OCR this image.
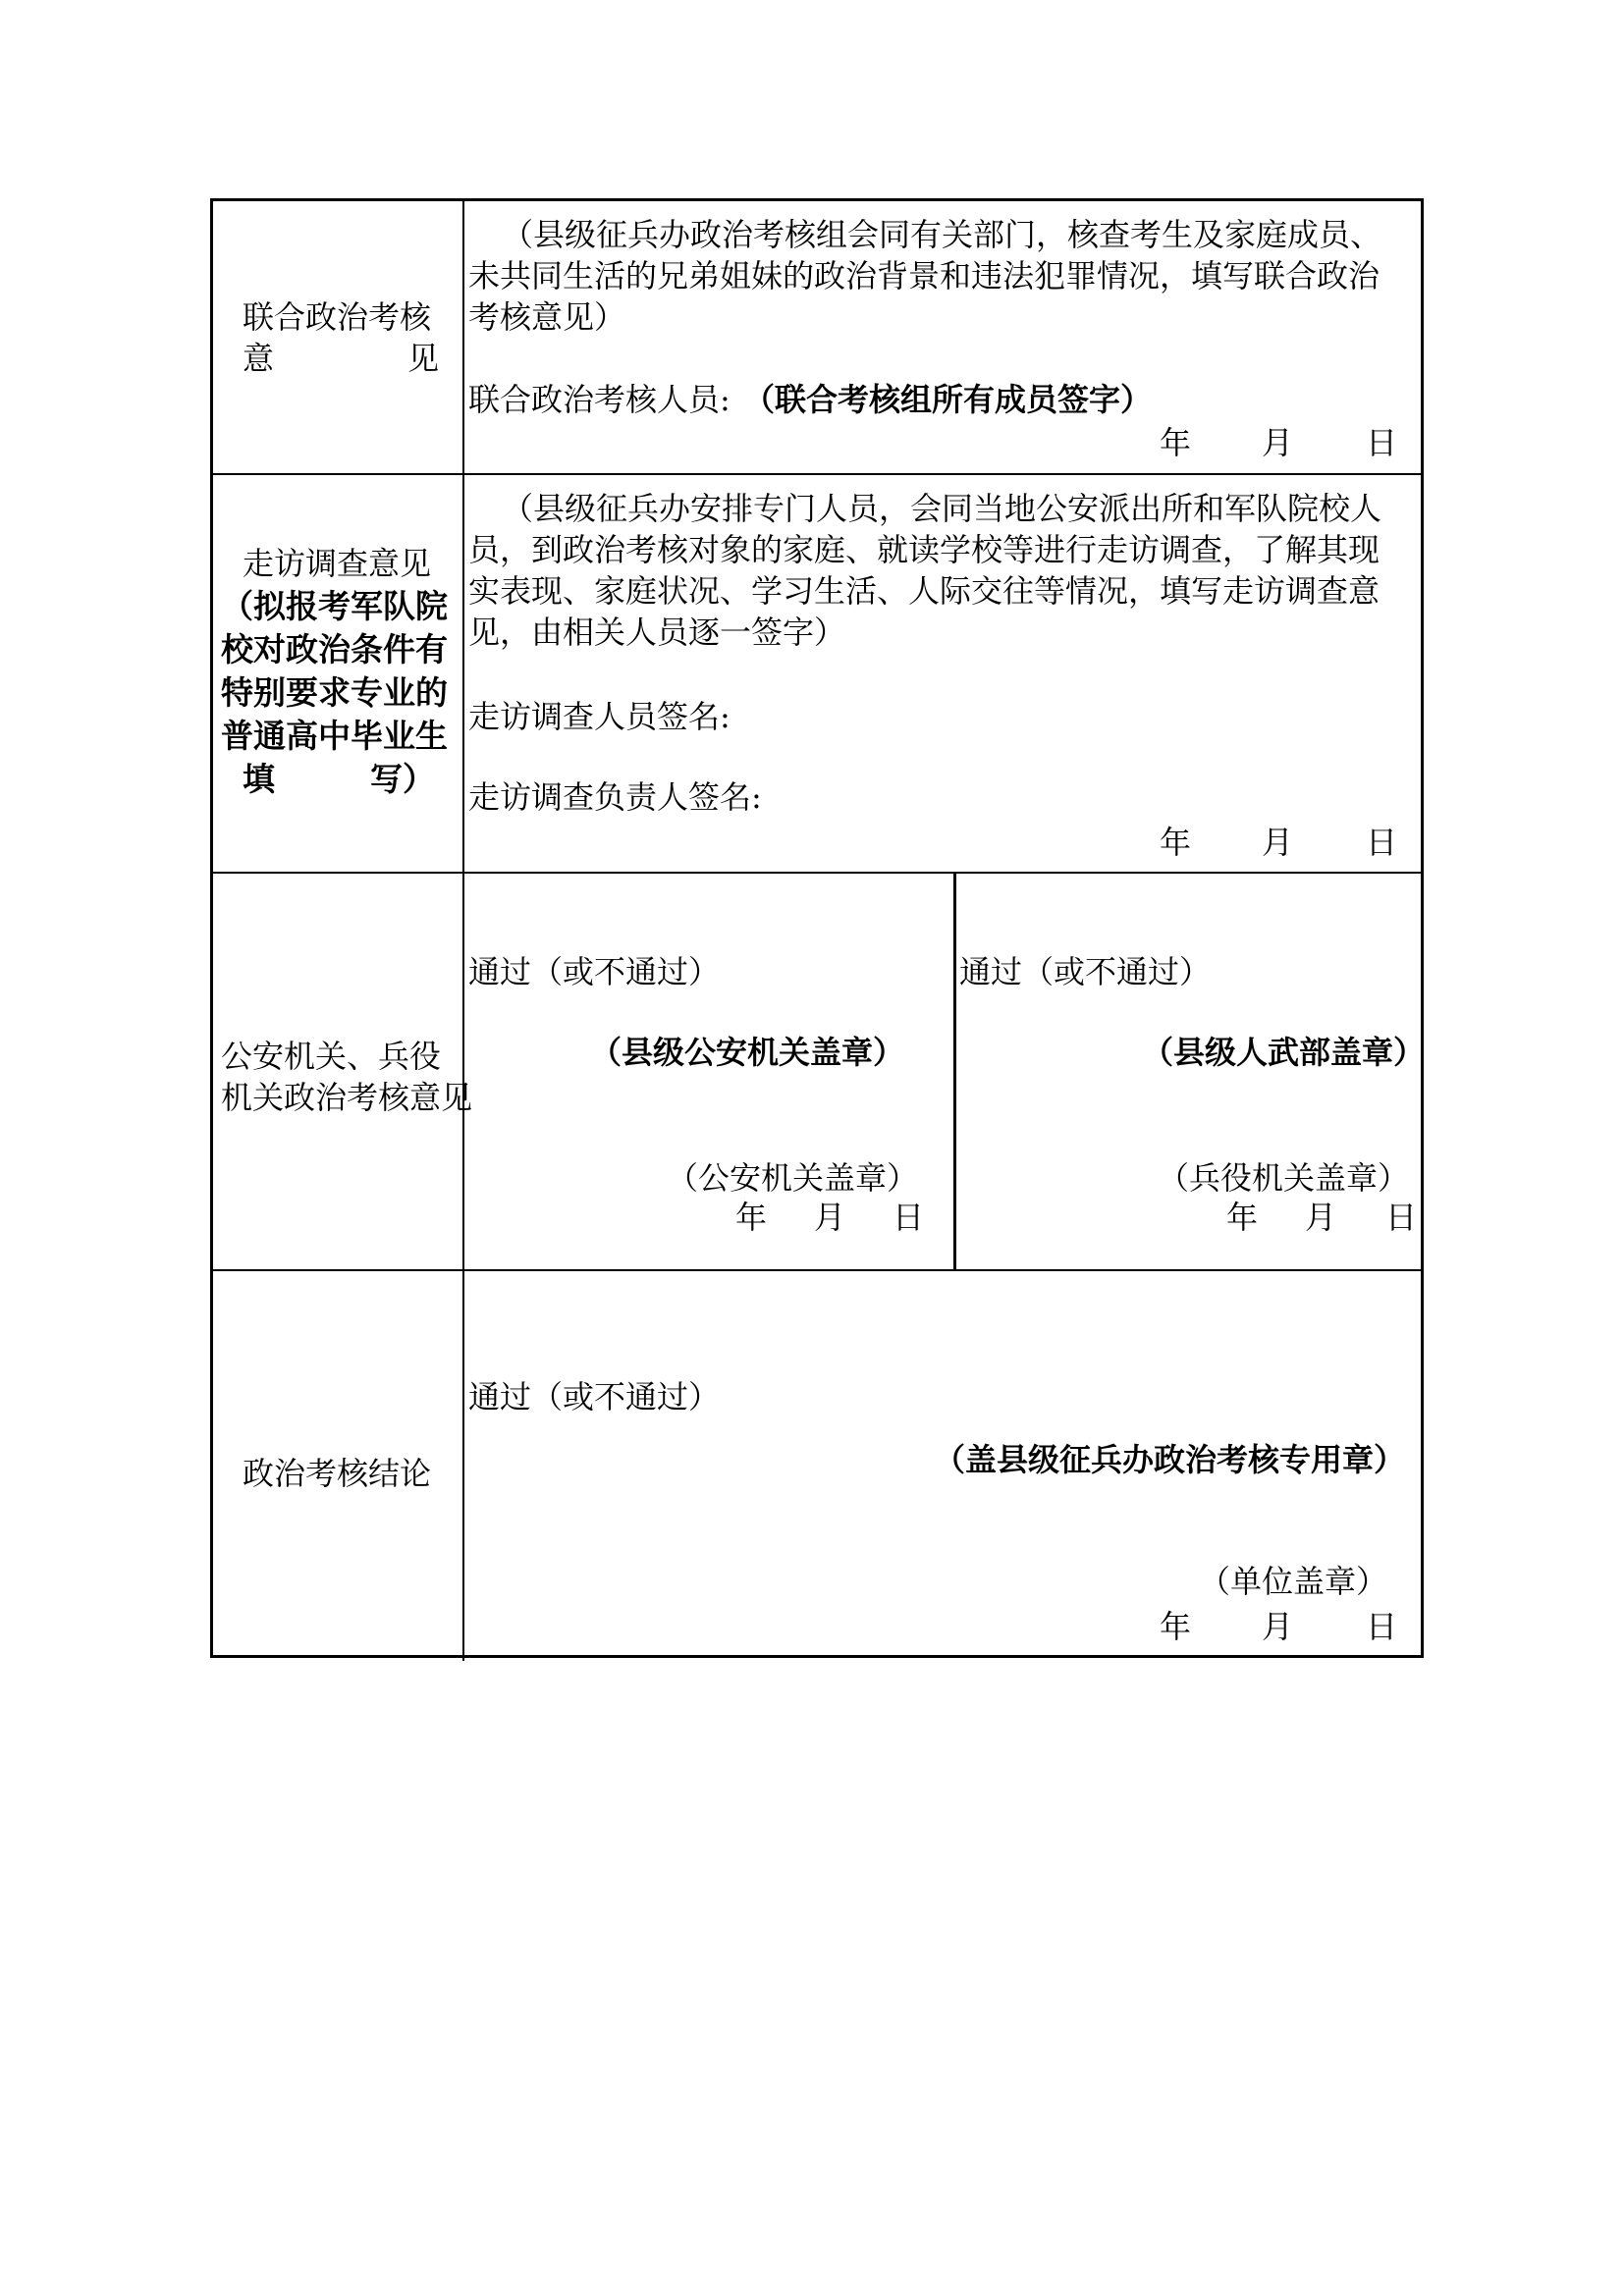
联合政治考核
意	见
（县级征兵办政治考核组会同有关部门，核查考生及家庭成员、
未共同生活的兄弟姐妹的政治背景和违法犯罪情况，填写联合政治
考核意见）
联合政治考核人员: （联合考核组所有成员签字）
年 月 日
走访调查意见
（拟报考军队院
校对政治条件有
特别要求专业的
普通高中毕业生
填	写）
（县级征兵办安排专门人员，会同当地公安派出所和军队院校人
员，到政治考核对象的家庭、就读学校等进行走访调查，了解其现
实表现、家庭状况、学习生活、人际交往等情况，填写走访调查意
见，由相关人员逐一签字）
走访调查人员签名:
走访调查负责人签名:
年 月 日
公安机关、兵役
机关政治考核意见
通过（或不通过）
（县级公安机关盖章）
（公安机关盖章）
年 月 日
通过（或不通过）
（县级人武部盖章）
（兵役机关盖章）
年 月 日
政治考核结论
通过（或不通过）
（盖县级征兵办政治考核专用章）
（单位盖章）
年 月 日
